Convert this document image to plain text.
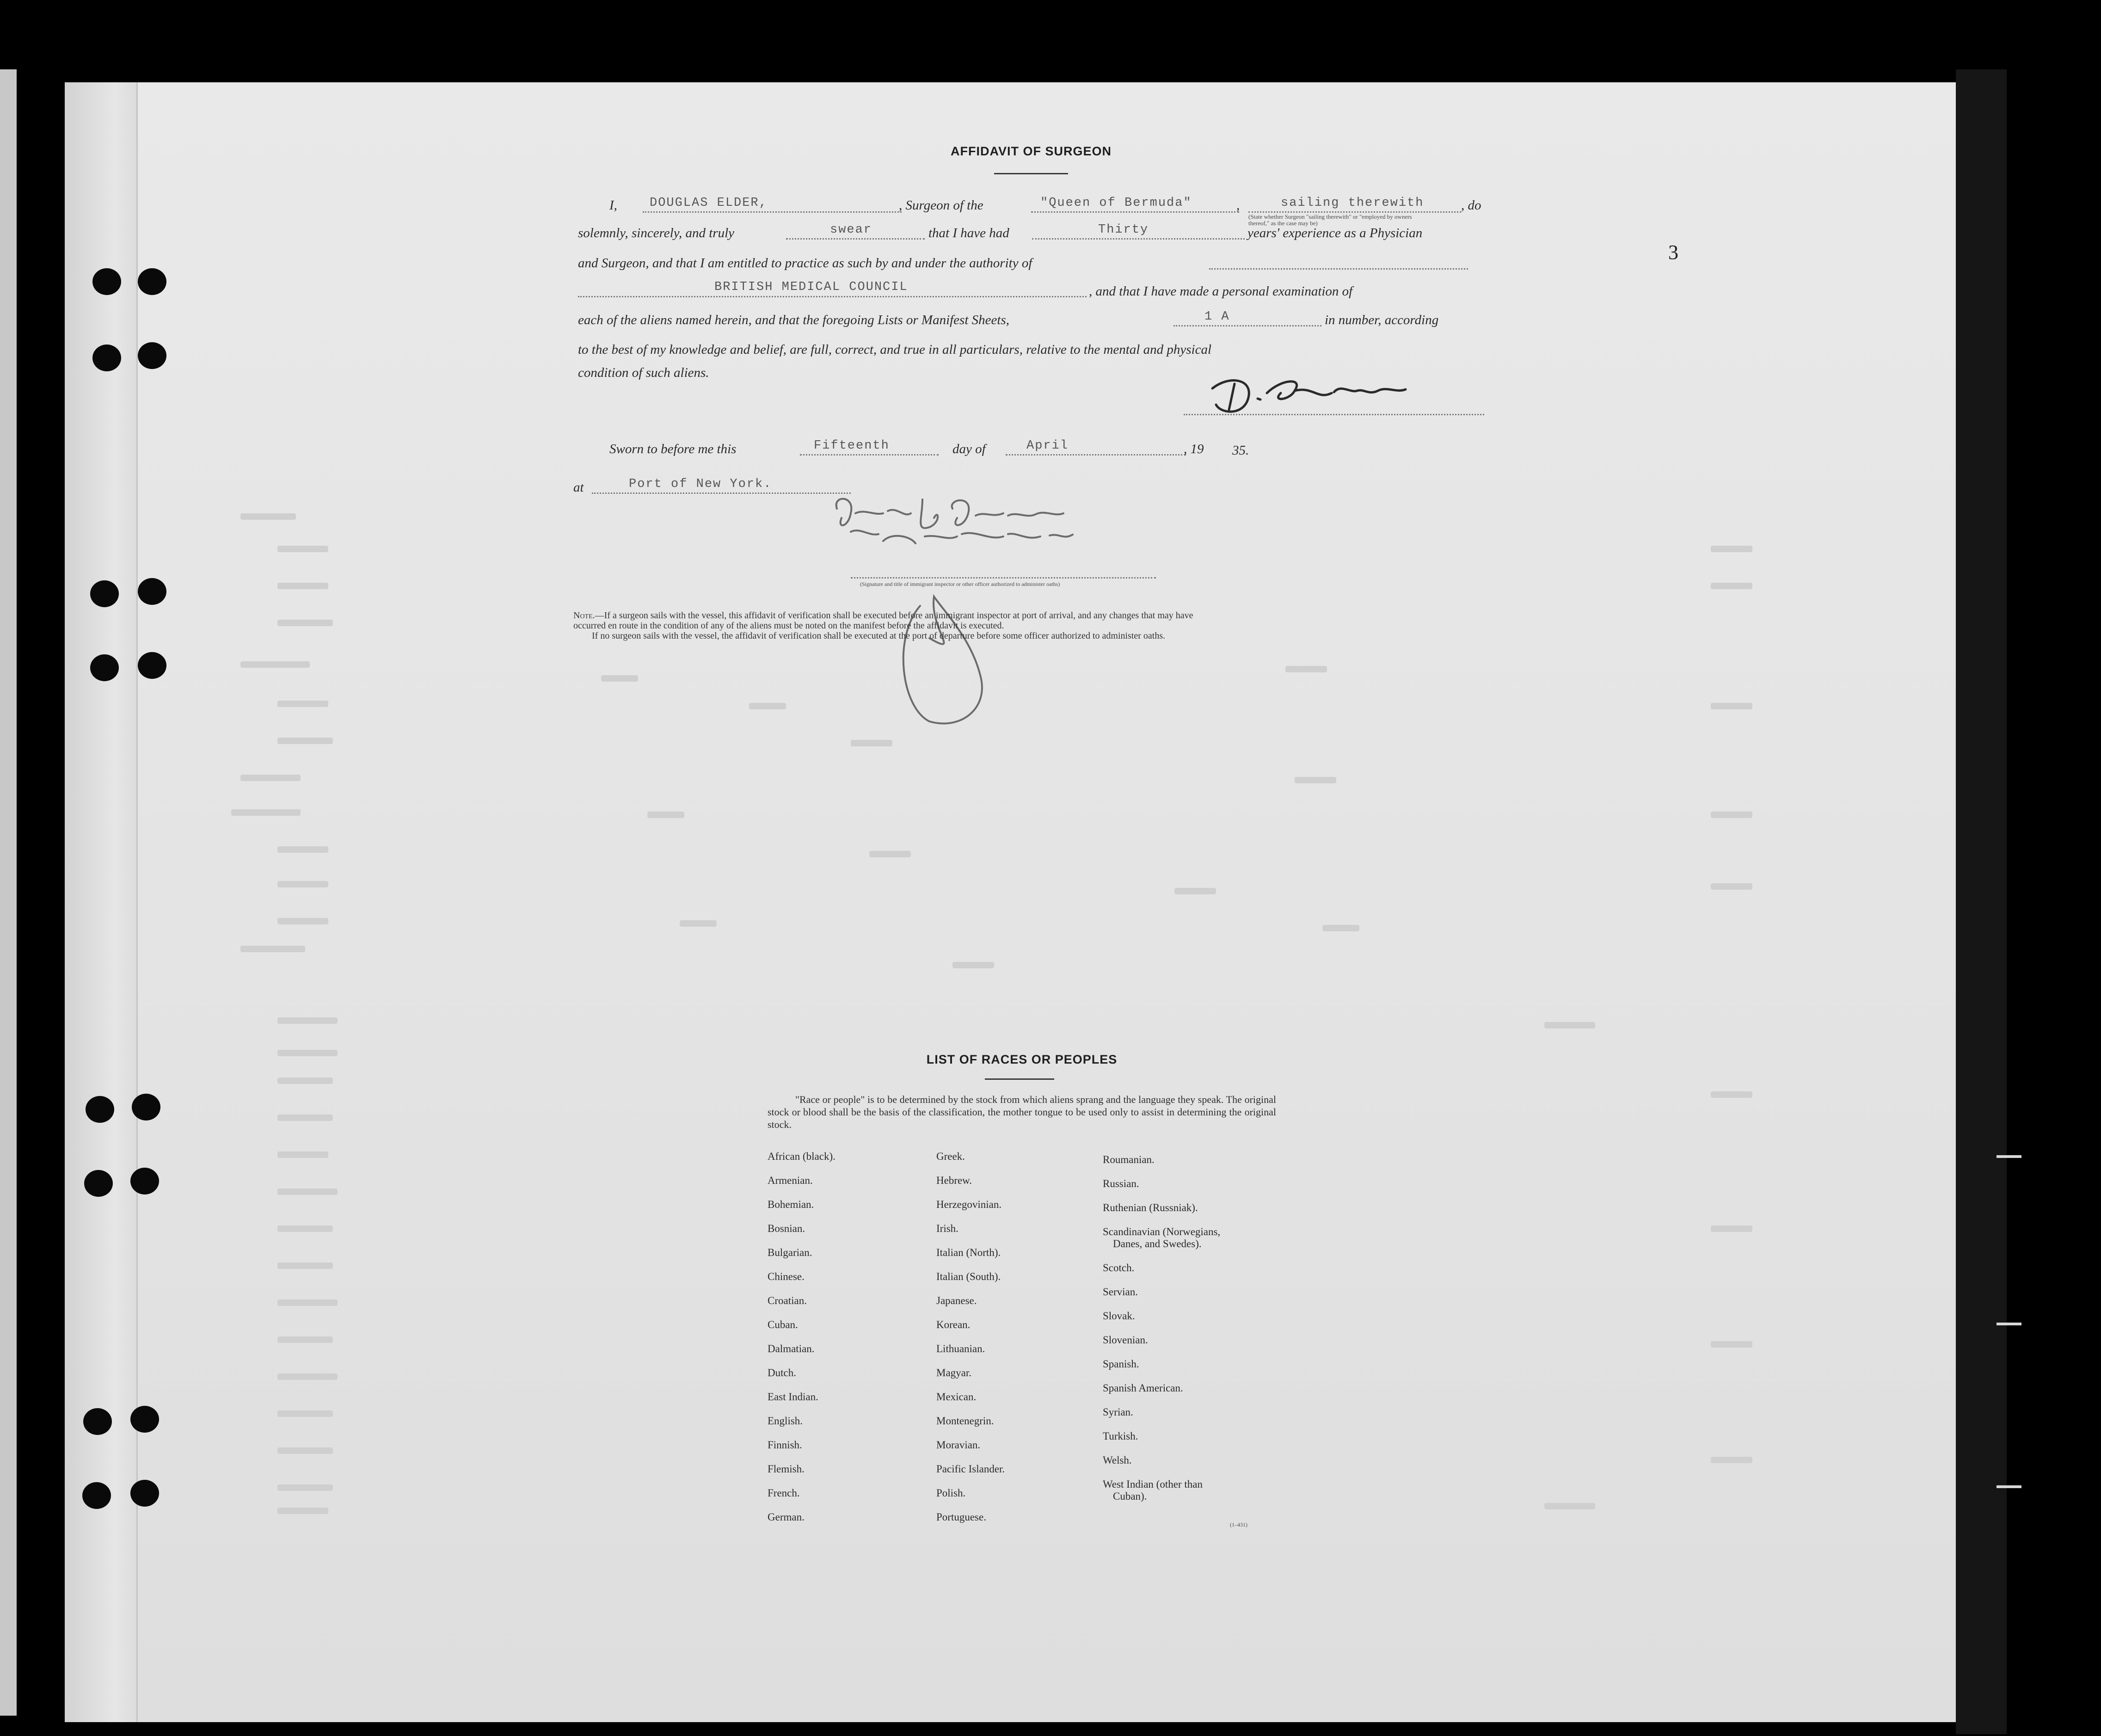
AFFIDAVIT OF SURGEON
I,	DOUGLAS ELDER,	, Surgeon of the	"Queen of Bermuda"	,	sailing therewith	, do
(State whether Surgeon "sailing therewith" or "employed by owners thereof," as the case may be)
solemnly, sincerely, and truly	swear	that I have had	Thirty	years' experience as a Physician
and Surgeon, and that I am entitled to practice as such by and under the authority of
BRITISH MEDICAL COUNCIL	, and that I have made a personal examination of
each of the aliens named herein, and that the foregoing Lists or Manifest Sheets,	1 A	in number, according
to the best of my knowledge and belief, are full, correct, and true in all particulars, relative to the mental and physical
condition of such aliens.
Sworn to before me this	Fifteenth	day of	April	, 19 35.
at	Port of New York.
(Signature and title of immigrant inspector or other officer authorized to administer oaths)
Note.—If a surgeon sails with the vessel, this affidavit of verification shall be executed before an immigrant inspector at port of arrival, and any changes that may have
occurred en route in the condition of any of the aliens must be noted on the manifest before the affidavit is executed.
If no surgeon sails with the vessel, the affidavit of verification shall be executed at the port of departure before some officer authorized to administer oaths.
3
LIST OF RACES OR PEOPLES
"Race or people" is to be determined by the stock from which aliens sprang and the language they speak. The original stock or blood shall be the basis of the classification, the mother tongue to be used only to assist in determining the original stock.
African (black).
Armenian.
Bohemian.
Bosnian.
Bulgarian.
Chinese.
Croatian.
Cuban.
Dalmatian.
Dutch.
East Indian.
English.
Finnish.
Flemish.
French.
German.
Greek.
Hebrew.
Herzegovinian.
Irish.
Italian (North).
Italian (South).
Japanese.
Korean.
Lithuanian.
Magyar.
Mexican.
Montenegrin.
Moravian.
Pacific Islander.
Polish.
Portuguese.
Roumanian.
Russian.
Ruthenian (Russniak).
Scandinavian (Norwegians,
Danes, and Swedes).
Scotch.
Servian.
Slovak.
Slovenian.
Spanish.
Spanish American.
Syrian.
Turkish.
Welsh.
West Indian (other than
Cuban).
(1–431)
